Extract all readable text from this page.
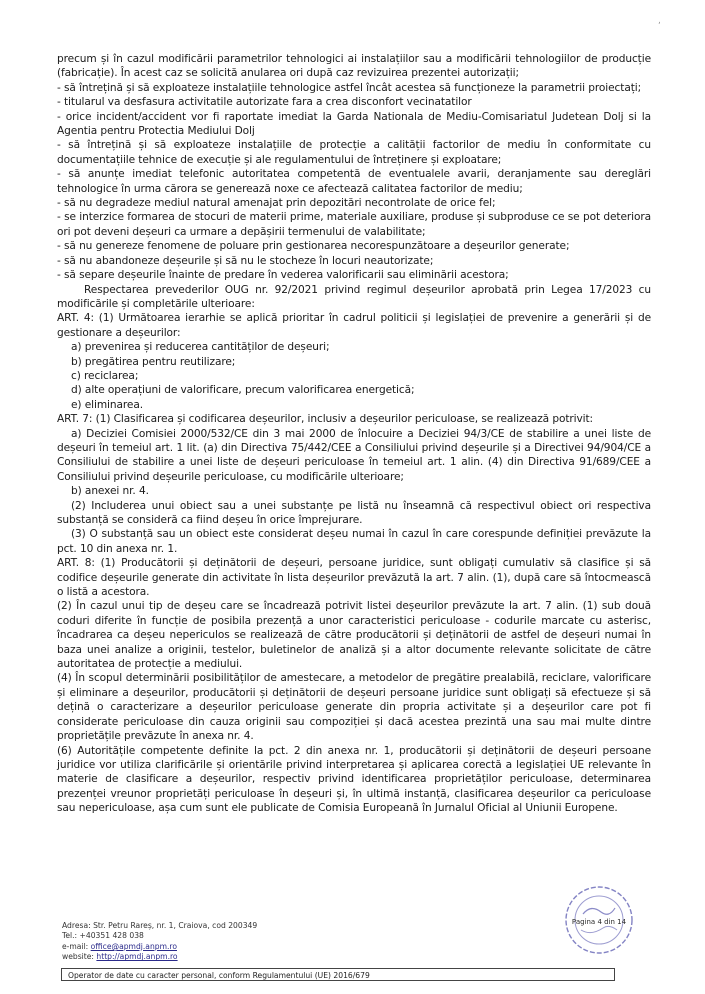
precum și în cazul modificării parametrilor tehnologici ai instalațiilor sau a modificării tehnologiilor de producție (fabricație). În acest caz se solicită anularea ori după caz revizuirea prezentei autorizații;

- să întrețină și să exploateze instalațiile tehnologice astfel încât acestea să funcționeze la parametrii proiectați;

- titularul va desfasura activitatile autorizate fara a crea disconfort vecinatatilor

- orice incident/accident vor fi raportate imediat la Garda Nationala de Mediu-Comisariatul Judetean Dolj si la Agentia pentru Protectia Mediului Dolj

- să întrețină și să exploateze instalațiile de protecție a calității factorilor de mediu în conformitate cu documentațiile tehnice de execuție și ale regulamentului de întreținere și exploatare;

- să anunțe imediat telefonic autoritatea competentă de eventualele avarii, deranjamente sau dereglări tehnologice în urma cărora se generează noxe ce afectează calitatea factorilor de mediu;

- să nu degradeze mediul natural amenajat prin depozitări necontrolate de orice fel;

- se interzice formarea de stocuri de materii prime, materiale auxiliare, produse și subproduse ce se pot deteriora ori pot deveni deșeuri ca urmare a depășirii termenului de valabilitate;

- să nu genereze fenomene de poluare prin gestionarea necorespunzătoare a deșeurilor generate;

- să nu abandoneze deșeurile și să nu le stocheze în locuri neautorizate;

- să separe deșeurile înainte de predare în vederea valorificarii sau eliminării acestora;

Respectarea prevederilor OUG nr. 92/2021 privind regimul deșeurilor aprobată prin Legea 17/2023 cu modificările și completările ulterioare:

ART. 4: (1) Următoarea ierarhie se aplică prioritar în cadrul politicii și legislației de prevenire a generării și de gestionare a deșeurilor:

a) prevenirea și reducerea cantităților de deșeuri;

b) pregătirea pentru reutilizare;

c) reciclarea;

d) alte operațiuni de valorificare, precum valorificarea energetică;

e) eliminarea.

ART. 7: (1) Clasificarea și codificarea deșeurilor, inclusiv a deșeurilor periculoase, se realizează potrivit:

a) Deciziei Comisiei 2000/532/CE din 3 mai 2000 de înlocuire a Deciziei 94/3/CE de stabilire a unei liste de deșeuri în temeiul art. 1 lit. (a) din Directiva 75/442/CEE a Consiliului privind deșeurile și a Directivei 94/904/CE a Consiliului de stabilire a unei liste de deșeuri periculoase în temeiul art. 1 alin. (4) din Directiva 91/689/CEE a Consiliului privind deșeurile periculoase, cu modificările ulterioare;

b) anexei nr. 4.

(2) Includerea unui obiect sau a unei substanțe pe listă nu înseamnă că respectivul obiect ori respectiva substanță se consideră ca fiind deșeu în orice împrejurare.

(3) O substanță sau un obiect este considerat deșeu numai în cazul în care corespunde definiției prevăzute la pct. 10 din anexa nr. 1.

ART. 8: (1) Producătorii și deținătorii de deșeuri, persoane juridice, sunt obligați cumulativ să clasifice și să codifice deșeurile generate din activitate în lista deșeurilor prevăzută la art. 7 alin. (1), după care să întocmească o listă a acestora.

(2) În cazul unui tip de deșeu care se încadrează potrivit listei deșeurilor prevăzute la art. 7 alin. (1) sub două coduri diferite în funcție de posibila prezență a unor caracteristici periculoase - codurile marcate cu asterisc, încadrarea ca deșeu nepericulos se realizează de către producătorii și deținătorii de astfel de deșeuri numai în baza unei analize a originii, testelor, buletinelor de analiză și a altor documente relevante solicitate de către autoritatea de protecție a mediului.

(4) În scopul determinării posibilităților de amestecare, a metodelor de pregătire prealabilă, reciclare, valorificare și eliminare a deșeurilor, producătorii și deținătorii de deșeuri persoane juridice sunt obligați să efectueze și să dețină o caracterizare a deșeurilor periculoase generate din propria activitate și a deșeurilor care pot fi considerate periculoase din cauza originii sau compoziției și dacă acestea prezintă una sau mai multe dintre proprietățile prevăzute în anexa nr. 4.

(6) Autoritățile competente definite la pct. 2 din anexa nr. 1, producătorii și deținătorii de deșeuri persoane juridice vor utiliza clarificările și orientările privind interpretarea și aplicarea corectă a legislației UE relevante în materie de clasificare a deșeurilor, respectiv privind identificarea proprietăților periculoase, determinarea prezenței vreunor proprietăți periculoase în deșeuri și, în ultimă instanță, clasificarea deșeurilor ca periculoase sau nepericuloase, așa cum sunt ele publicate de Comisia Europeană în Jurnalul Oficial al Uniunii Europene.

Adresa: Str. Petru Rareș, nr. 1, Craiova, cod 200349
Tel.: +40351 428 038
e-mail: office@apmdj.anpm.ro
website: http://apmdj.anpm.ro
Operator de date cu caracter personal, conform Regulamentului (UE) 2016/679
Pagina 4 din 14
,
